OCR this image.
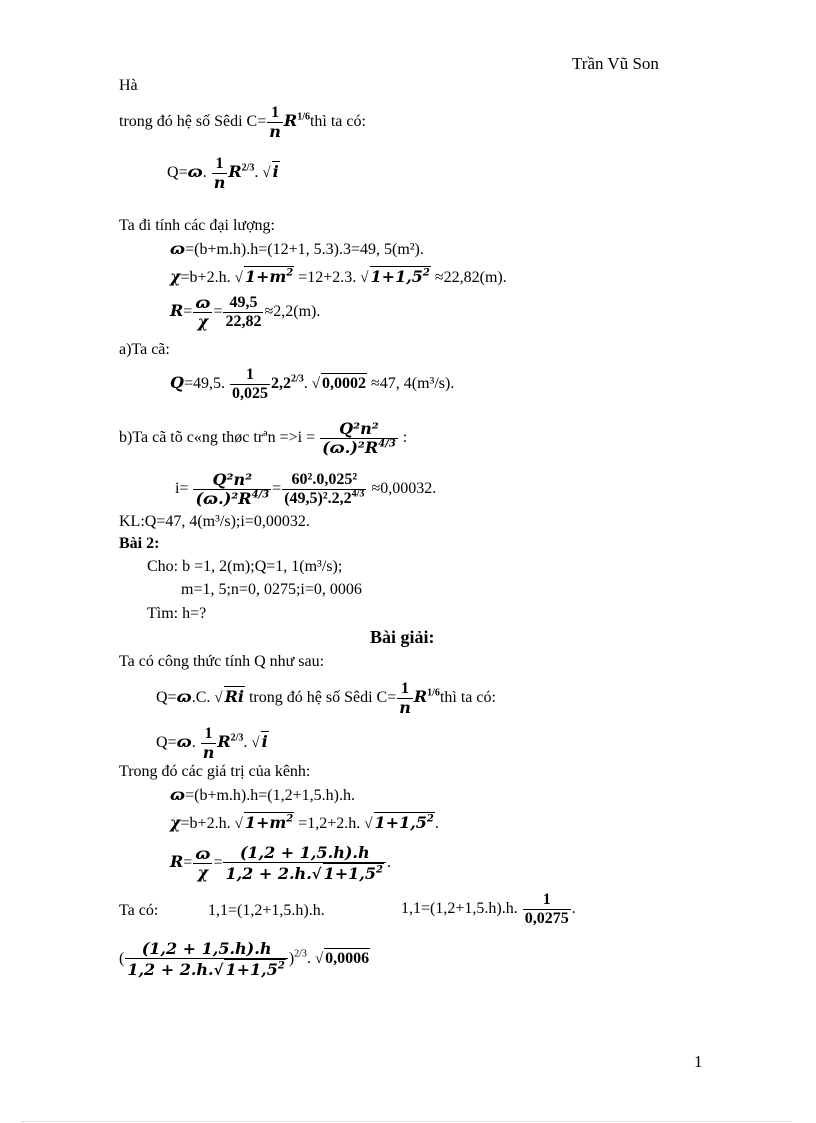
Trần Vũ Son
Hà
trong đó hệ số Sêdi $C= \frac{1}{n}$ $R^{1/6}thì$ ta có:
Q=ɷ. $\frac{1}{n} R^{2/3}$. √ i
Ta đi tính các đại lượng:
ɷ=(b+m.h).h=(12+1, 5.3).3=49, 5(m²).
χ=b+2.h. √ $1+m^2 =12+2.3$. √ $1+1,5^2 \approx 22,82(m)$.
$R= \frac{\text{ɷ}}{\chi} = \frac{49,5}{22,82} \approx 2,2(m)$.
a)Ta cã:
Q=49,5. $\frac{1}{0,025} 2,2^{2/3}$. √ 0,0002 ≈47, 4(m³/s).
b)Ta cã tõ c«ng thøc trªn $=>i = \frac{\text{Q²n²}}{(ɷ.)^2R^{4/3}}$ :
$i= \frac{\text{Q²n²}}{(ɷ.)^2R^{4/3}} = \frac{\text{60².0,025²}}{(49,5)^2.2,2^{4/3}} \approx 0,00032$.
KL:Q=47, 4(m³/s);i=0,00032.
Bài 2:
Cho: b =1, 2(m);Q=1, 1(m³/s);
m=1, 5;n=0, 0275;i=0, 0006
Tìm: h=?
Bài giải:
Ta có công thức tính Q như sau:
Q=ɷ.C. √ Ri trong đó hệ số Sêdi $C= \frac{1}{n}$ $R^{1/6}thì$ ta có:
Q=ɷ. $\frac{1}{n} R^{2/3}$. √ i
Trong đó các giá trị của kênh:
ɷ=(b+m.h).h=(1,2+1,5.h).h.
χ=b+2.h. √ $1+m^2 =1,2+2.h$. √ $1+1,5^2$.
$R= \frac{\text{ɷ}}{\chi} = \frac{(1,2 + 1,5.h).h}{1,2 + 2.h.√ 1+1,5^2}$ .
Ta có:	1,1=(1,2+1,5.h).h.	1,1=(1,2+1,5.h).h. $\frac{1}{0,0275}$ .
( $\frac{(1,2 + 1,5.h).h}{1,2 + 2.h.√ 1+1,5^2} )^{2/3}$. √ 0,0006
1
